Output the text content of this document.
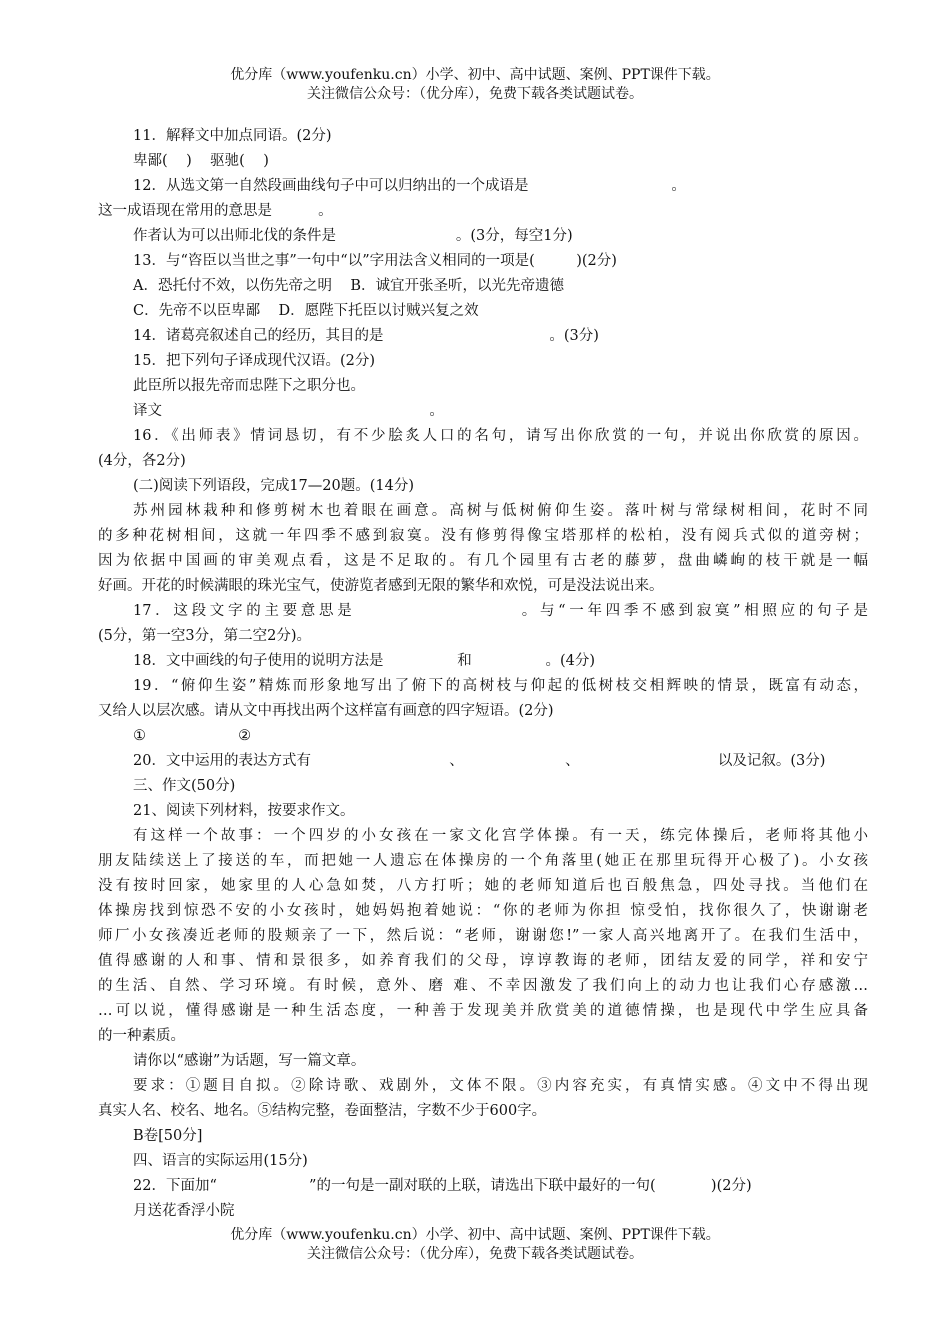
优分库（www.youfenku.cn）小学、初中、高中试题、案例、PPT课件下载。
关注微信公众号：（优分库），免费下载各类试题试卷。
11．解释文中加点同语。(2分)
卑鄙(    )    驱驰(    )
12．从选文第一自然段画曲线句子中可以归纳出的一个成语是                               。
这一成语现在常用的意思是          。
作者认为可以出师北伐的条件是                          。(3分，每空1分)
13．与“咨臣以当世之事”一句中“以”字用法含义相同的一项是(         )(2分)
A．恐托付不效，以伤先帝之明    B．诚宜开张圣听，以光先帝遗德
C．先帝不以臣卑鄙    D．愿陛下托臣以讨贼兴复之效
14．诸葛亮叙述自己的经历，其目的是                                    。(3分)
15．把下列句子译成现代汉语。(2分)
此臣所以报先帝而忠陛下之职分也。
译文                                                          。
16．《出师表》情词恳切，有不少脍炙人口的名句，请写出你欣赏的一句，并说出你欣赏的原因。
(4分，各2分)
(二)阅读下列语段，完成17—20题。(14分)
苏州园林栽种和修剪树木也着眼在画意。高树与低树俯仰生姿。落叶树与常绿树相间，花时不同
的多种花树相间，这就一年四季不感到寂寞。没有修剪得像宝塔那样的松柏，没有阅兵式似的道旁树；
因为依据中国画的审美观点看，这是不足取的。有几个园里有古老的藤萝，盘曲嶙峋的枝干就是一幅
好画。开花的时候满眼的珠光宝气，使游览者感到无限的繁华和欢悦，可是没法说出来。
17．这段文字的主要意思是                    。与“一年四季不感到寂寞”相照应的句子是
(5分，第一空3分，第二空2分)。
18．文中画线的句子使用的说明方法是                和                。(4分)
19．“俯仰生姿”精炼而形象地写出了俯下的高树枝与仰起的低树枝交相辉映的情景，既富有动态，
又给人以层次感。请从文中再找出两个这样富有画意的四字短语。(2分)
①                    ②
20．文中运用的表达方式有                              、                      、                              以及记叙。(3分)
三、作文(50分)
21、阅读下列材料，按要求作文。
有这样一个故事：一个四岁的小女孩在一家文化宫学体操。有一天，练完体操后，老师将其他小
朋友陆续送上了接送的车，而把她一人遗忘在体操房的一个角落里(她正在那里玩得开心极了)。小女孩
没有按时回家，她家里的人心急如焚，八方打听；她的老师知道后也百般焦急，四处寻找。当他们在
体操房找到惊恐不安的小女孩时，她妈妈抱着她说：“你的老师为你担 惊受怕，找你很久了，快谢谢老
师厂小女孩凑近老师的股颊亲了一下，然后说：“老师，谢谢您!”一家人高兴地离开了。在我们生活中，
值得感谢的人和事、情和景很多，如养育我们的父母，谆谆教诲的老师，团结友爱的同学，祥和安宁
的生活、自然、学习环境。有时候，意外、磨 难、不幸因激发了我们向上的动力也让我们心存感激…
…可以说，懂得感谢是一种生活态度，一种善于发现美并欣赏美的道德情操，也是现代中学生应具备
的一种素质。
请你以“感谢”为话题，写一篇文章。
要求：①题目自拟。②除诗歌、戏剧外，文体不限。③内容充实，有真情实感。④文中不得出现
真实人名、校名、地名。⑤结构完整，卷面整洁，字数不少于600字。
B卷[50分]
四、语言的实际运用(15分)
22．下面加“                    ”的一句是一副对联的上联，请选出下联中最好的一句(            )(2分)
月送花香浮小院
优分库（www.youfenku.cn）小学、初中、高中试题、案例、PPT课件下载。
关注微信公众号：（优分库），免费下载各类试题试卷。
